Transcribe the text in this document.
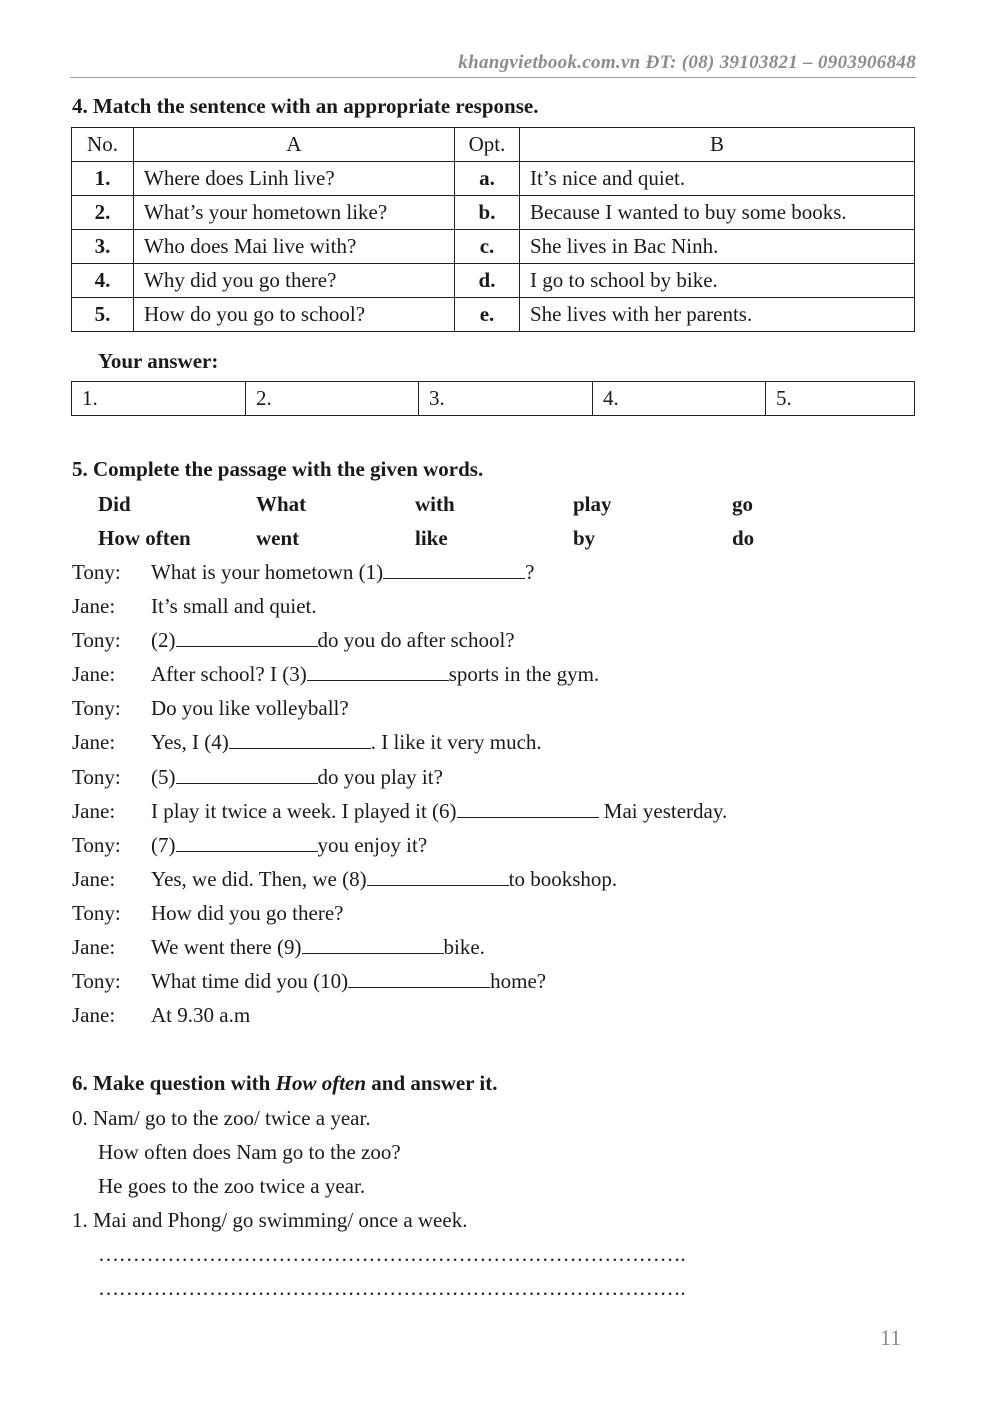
khangvietbook.com.vn ĐT: (08) 39103821 – 0903906848
4. Match the sentence with an appropriate response.
No.	A	Opt.	B
1.	Where does Linh live?	a.	It’s nice and quiet.
2.	What’s your hometown like?	b.	Because I wanted to buy some books.
3.	Who does Mai live with?	c.	She lives in Bac Ninh.
4.	Why did you go there?	d.	I go to school by bike.
5.	How do you go to school?	e.	She lives with her parents.
Your answer:
1.	2.	3.	4.	5.
5. Complete the passage with the given words.
Did	What	with	play	go
How often	went	like	by	do
Tony: What is your hometown (1)	?
Jane: It’s small and quiet.
Tony: (2)	do you do after school?
Jane: After school? I (3)	sports in the gym.
Tony: Do you like volleyball?
Jane: Yes, I (4)	. I like it very much.
Tony: (5)	do you play it?
Jane: I play it twice a week. I played it (6)	Mai yesterday.
Tony: (7)	you enjoy it?
Jane: Yes, we did. Then, we (8)	to bookshop.
Tony: How did you go there?
Jane: We went there (9)	bike.
Tony: What time did you (10)	home?
Jane: At 9.30 a.m
6. Make question with How often and answer it.
0. Nam/ go to the zoo/ twice a year.
How often does Nam go to the zoo?
He goes to the zoo twice a year.
1. Mai and Phong/ go swimming/ once a week.
………………………………………………………………………….
………………………………………………………………………….
11
